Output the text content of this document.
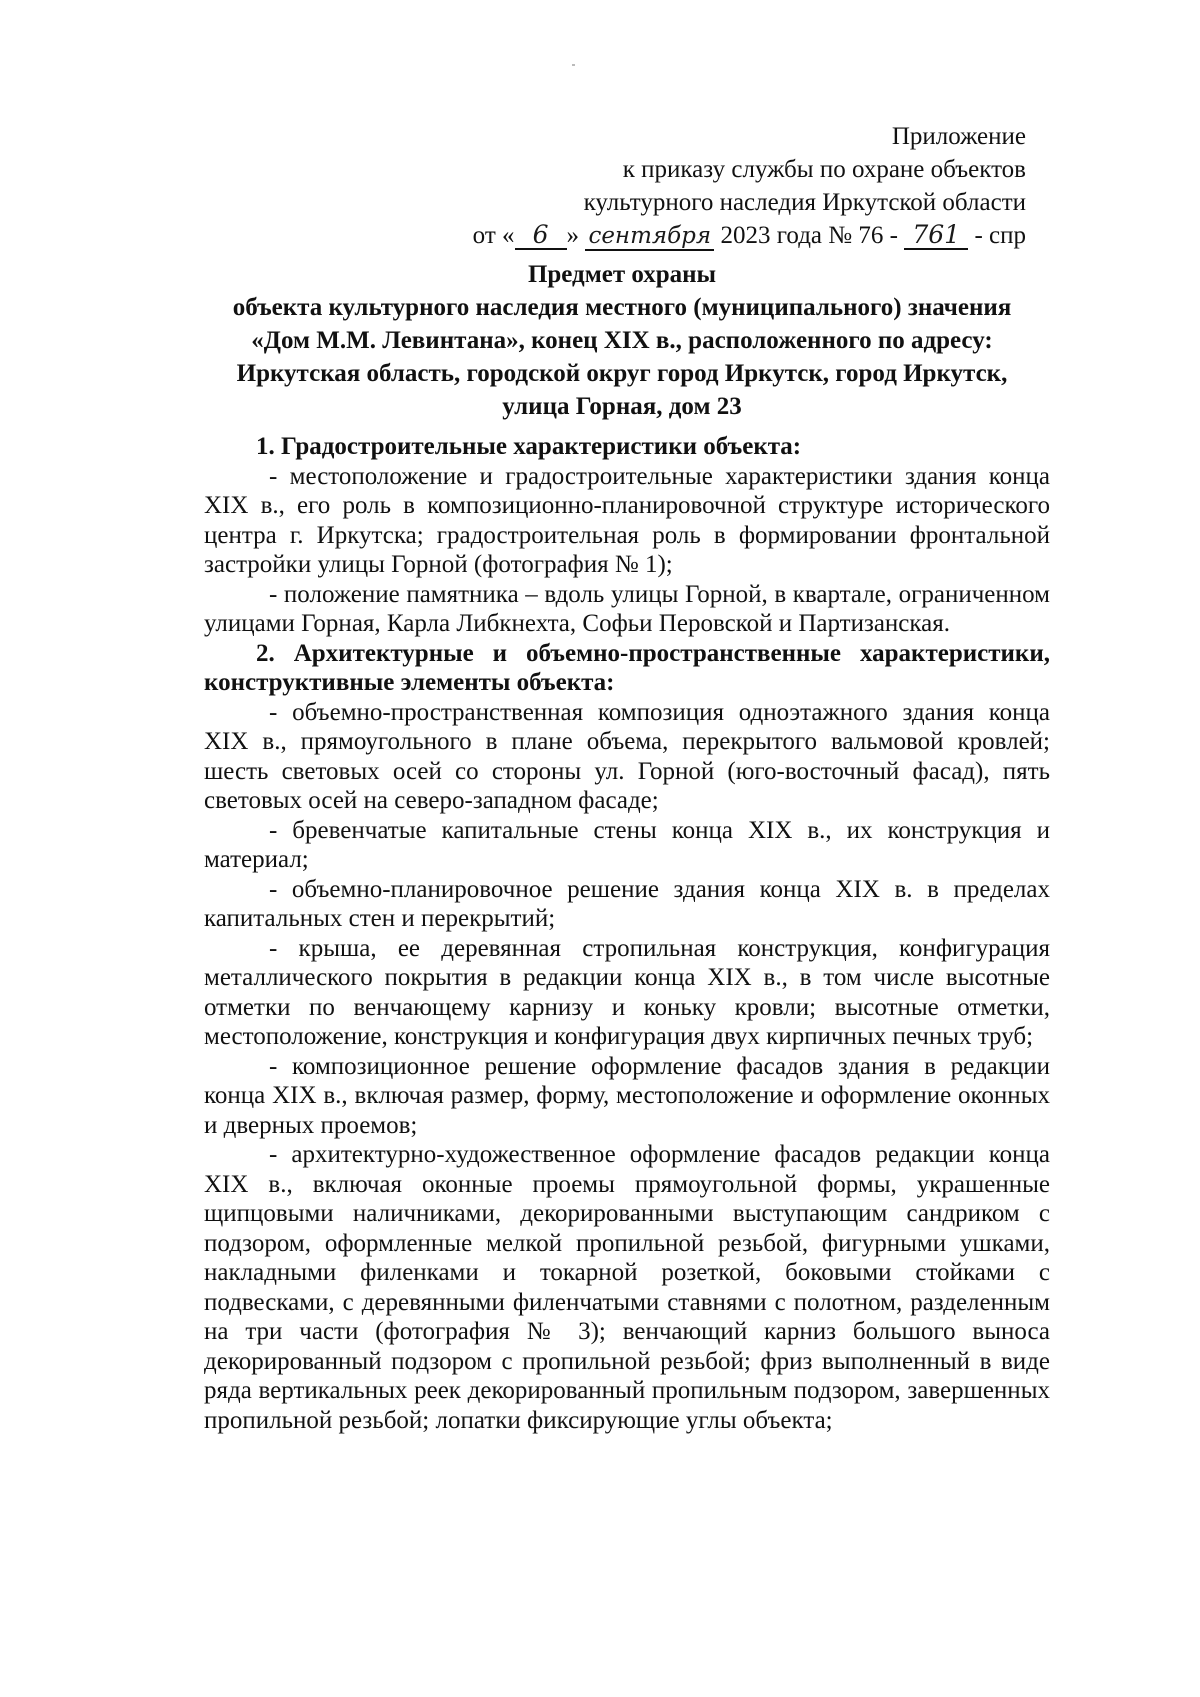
Приложение
к приказу службы по охране объектов
культурного наследия Иркутской области
от « 6 » сентября 2023 года № 76 - 761 - спр
Предмет охраны
объекта культурного наследия местного (муниципального) значения
«Дом М.М. Левинтана», конец XIX в., расположенного по адресу:
Иркутская область, городской округ город Иркутск, город Иркутск,
улица Горная, дом 23

1. Градостроительные характеристики объекта:

- местоположение и градостроительные характеристики здания конца XIX в., его роль в композиционно-планировочной структуре исторического центра г. Иркутска; градостроительная роль в формировании фронтальной застройки улицы Горной (фотография № 1);

- положение памятника – вдоль улицы Горной, в квартале, ограниченном улицами Горная, Карла Либкнехта, Софьи Перовской и Партизанская.

2. Архитектурные и объемно-пространственные характеристики, конструктивные элементы объекта:

- объемно-пространственная композиция одноэтажного здания конца XIX в., прямоугольного в плане объема, перекрытого вальмовой кровлей; шесть световых осей со стороны ул. Горной (юго-восточный фасад), пять световых осей на северо-западном фасаде;

- бревенчатые капитальные стены конца XIX в., их конструкция и материал;

- объемно-планировочное решение здания конца XIX в. в пределах капитальных стен и перекрытий;

- крыша, ее деревянная стропильная конструкция, конфигурация металлического покрытия в редакции конца XIX в., в том числе высотные отметки по венчающему карнизу и коньку кровли; высотные отметки, местоположение, конструкция и конфигурация двух кирпичных печных труб;

- композиционное решение оформление фасадов здания в редакции конца XIX в., включая размер, форму, местоположение и оформление оконных и дверных проемов;

- архитектурно-художественное оформление фасадов редакции конца XIX в., включая оконные проемы прямоугольной формы, украшенные щипцовыми наличниками, декорированными выступающим сандриком с подзором, оформленные мелкой пропильной резьбой, фигурными ушками, накладными филенками и токарной розеткой, боковыми стойками с подвесками, с деревянными филенчатыми ставнями с полотном, разделенным на три части (фотография № 3); венчающий карниз большого выноса декорированный подзором с пропильной резьбой; фриз выполненный в виде ряда вертикальных реек декорированный пропильным подзором, завершенных пропильной резьбой; лопатки фиксирующие углы объекта;
